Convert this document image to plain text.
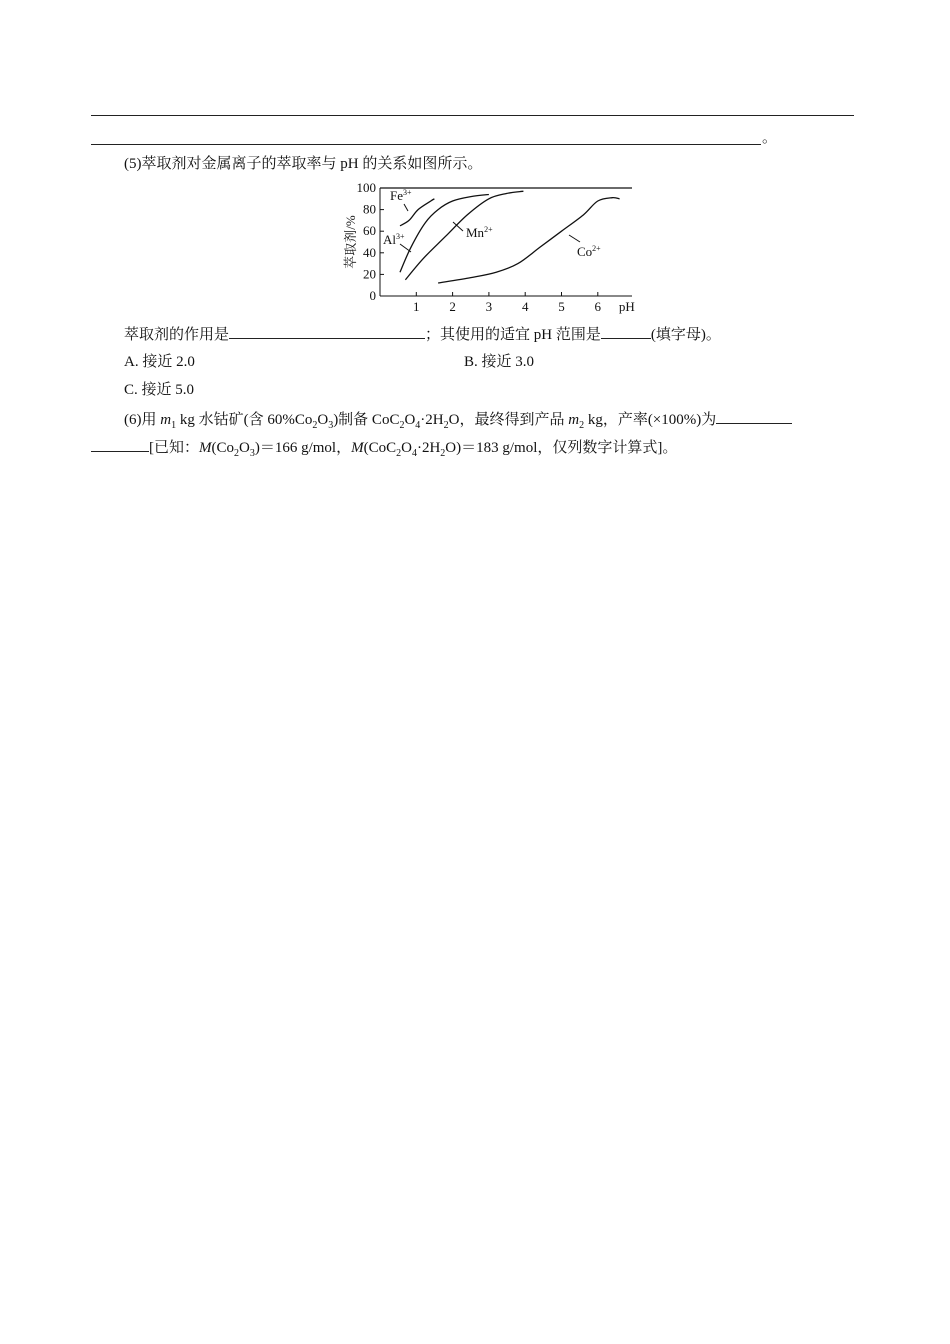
。
(5)萃取剂对金属离子的萃取率与 pH 的关系如图所示。
0
20
40
60
80
100
1 2 3 4 5 6 pH
萃取剂/%
$Fe^{3+}$
$Al^{3+}$	$Mn^{2+}$
$Co^{2+}$
萃取剂的作用是	；其使用的适宜 pH 范围是	(填字母)。
A. 接近 2.0	B. 接近 3.0
C. 接近 5.0
(6)用 $m_1$ kg 水钴矿(含 $60\%Co_2O_3$)制备 $CoC_2O_4\cdot 2H_2O$，最终得到产品 $m_2$ kg，产率(×100%)为
[已知：$M(Co_2O_3)=166$ g/mol，$M(CoC_2O_4\cdot 2H_2O)=183$ g/mol，仅列数字计算式]。
